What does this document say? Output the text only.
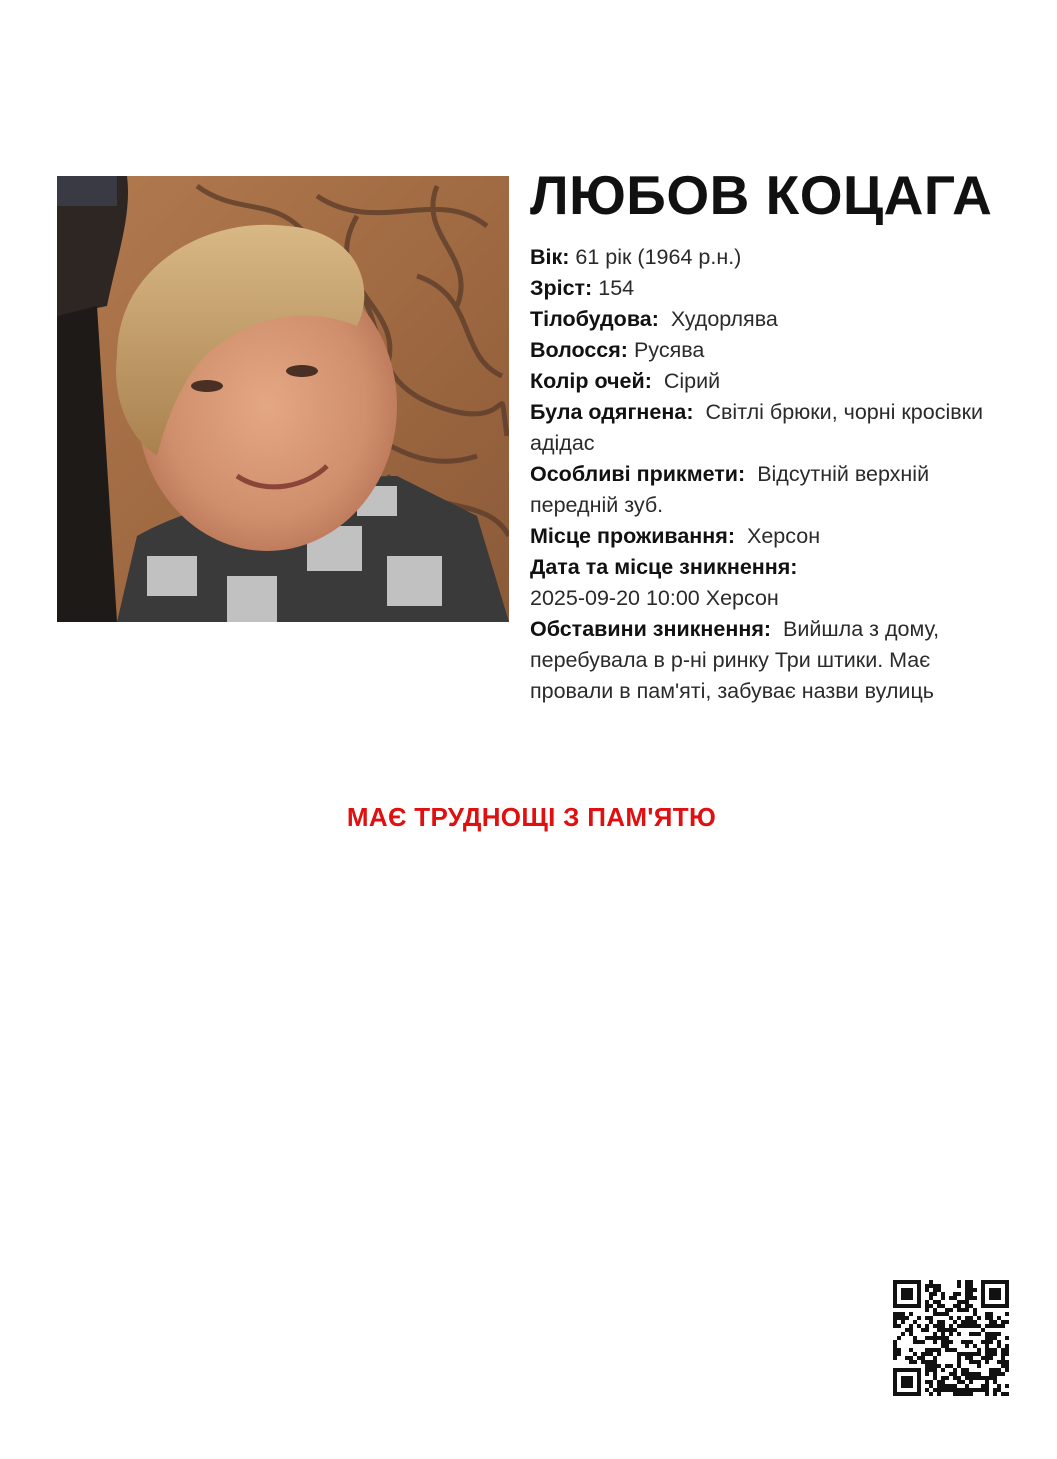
ЛЮБОВ КОЦАГА
Вік: 61 рік (1964 р.н.)
Зріст: 154
Тілобудова: Худорлява
Волосся: Русява
Колір очей: Сірий
Була одягнена: Світлі брюки, чорні кросівки адідас
Особливі прикмети: Відсутній верхній передній зуб.
Місце проживання: Херсон
Дата та місце зникнення:
2025-09-20 10:00 Херсон
Обставини зникнення: Вийшла з дому, перебувала в р-ні ринку Три штики. Має провали в пам'яті, забуває назви вулиць
МАЄ ТРУДНОЩІ З ПАМ'ЯТЮ
